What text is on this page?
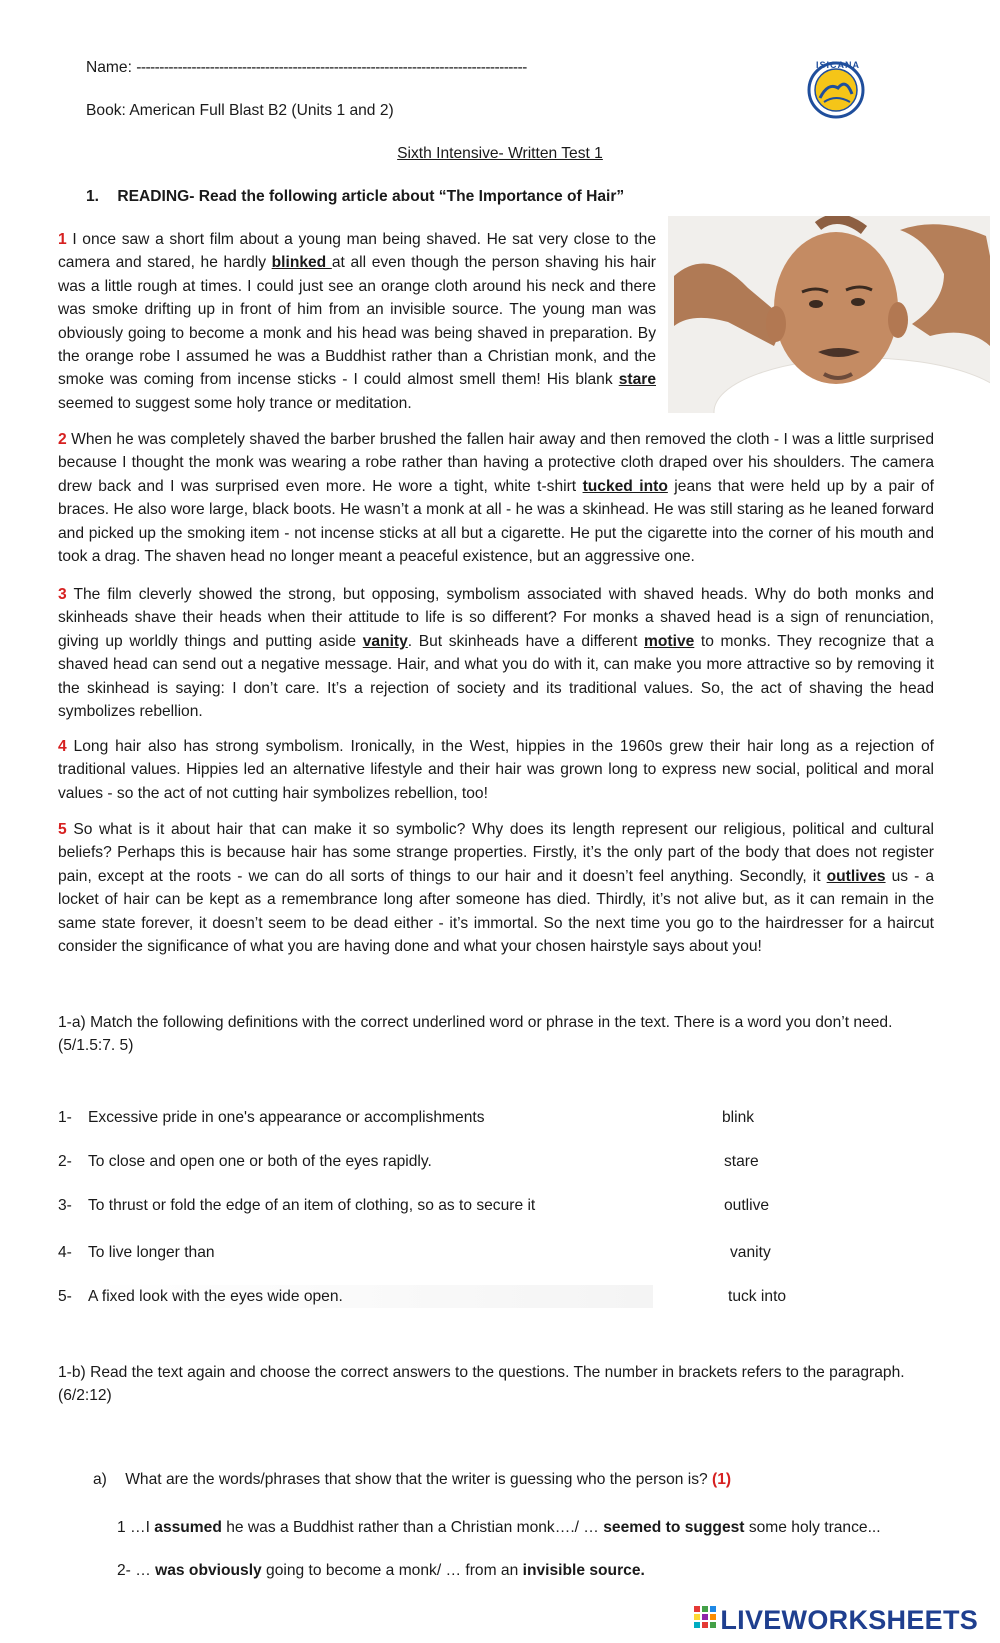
Name: -------------------------------------------------------------------------------------	ISICANA
Book: American Full Blast B2 (Units 1 and 2)
Sixth Intensive- Written Test 1
1. READING- Read the following article about “The Importance of Hair”

1 I once saw a short film about a young man being shaved. He sat very close to the camera and stared, he hardly blinked at all even though the person shaving his hair was a little rough at times. I could just see an orange cloth around his neck and there was smoke drifting up in front of him from an invisible source. The young man was obviously going to become a monk and his head was being shaved in preparation. By the orange robe I assumed he was a Buddhist rather than a Christian monk, and the smoke was coming from incense sticks - I could almost smell them! His blank stare seemed to suggest some holy trance or meditation.

2 When he was completely shaved the barber brushed the fallen hair away and then removed the cloth - I was a little surprised because I thought the monk was wearing a robe rather than having a protective cloth draped over his shoulders. The camera drew back and I was surprised even more. He wore a tight, white t-shirt tucked into jeans that were held up by a pair of braces. He also wore large, black boots. He wasn’t a monk at all - he was a skinhead. He was still staring as he leaned forward and picked up the smoking item - not incense sticks at all but a cigarette. He put the cigarette into the corner of his mouth and took a drag. The shaven head no longer meant a peaceful existence, but an aggressive one.

3 The film cleverly showed the strong, but opposing, symbolism associated with shaved heads. Why do both monks and skinheads shave their heads when their attitude to life is so different? For monks a shaved head is a sign of renunciation, giving up worldly things and putting aside vanity. But skinheads have a different motive to monks. They recognize that a shaved head can send out a negative message. Hair, and what you do with it, can make you more attractive so by removing it the skinhead is saying: I don’t care. It’s a rejection of society and its traditional values. So, the act of shaving the head symbolizes rebellion.

4 Long hair also has strong symbolism. Ironically, in the West, hippies in the 1960s grew their hair long as a rejection of traditional values. Hippies led an alternative lifestyle and their hair was grown long to express new social, political and moral values - so the act of not cutting hair symbolizes rebellion, too!

5 So what is it about hair that can make it so symbolic? Why does its length represent our religious, political and cultural beliefs? Perhaps this is because hair has some strange properties. Firstly, it’s the only part of the body that does not register pain, except at the roots - we can do all sorts of things to our hair and it doesn’t feel anything. Secondly, it outlives us - a locket of hair can be kept as a remembrance long after someone has died. Thirdly, it’s not alive but, as it can remain in the same state forever, it doesn’t seem to be dead either - it’s immortal. So the next time you go to the hairdresser for a haircut consider the significance of what you are having done and what your chosen hairstyle says about you!

1-a) Match the following definitions with the correct underlined word or phrase in the text. There is a word you don’t need. (5/1.5:7. 5)

1- Excessive pride in one's appearance or accomplishments	blink
2- To close and open one or both of the eyes rapidly.	stare
3- To thrust or fold the edge of an item of clothing, so as to secure it	outlive
4- To live longer than	vanity
5- A fixed look with the eyes wide open.	tuck into

1-b) Read the text again and choose the correct answers to the questions. The number in brackets refers to the paragraph. (6/2:12)

a) What are the words/phrases that show that the writer is guessing who the person is? (1)
1 …I assumed he was a Buddhist rather than a Christian monk…./ … seemed to suggest some holy trance...
2- … was obviously going to become a monk/ … from an invisible source.
LIVEWORKSHEETS
